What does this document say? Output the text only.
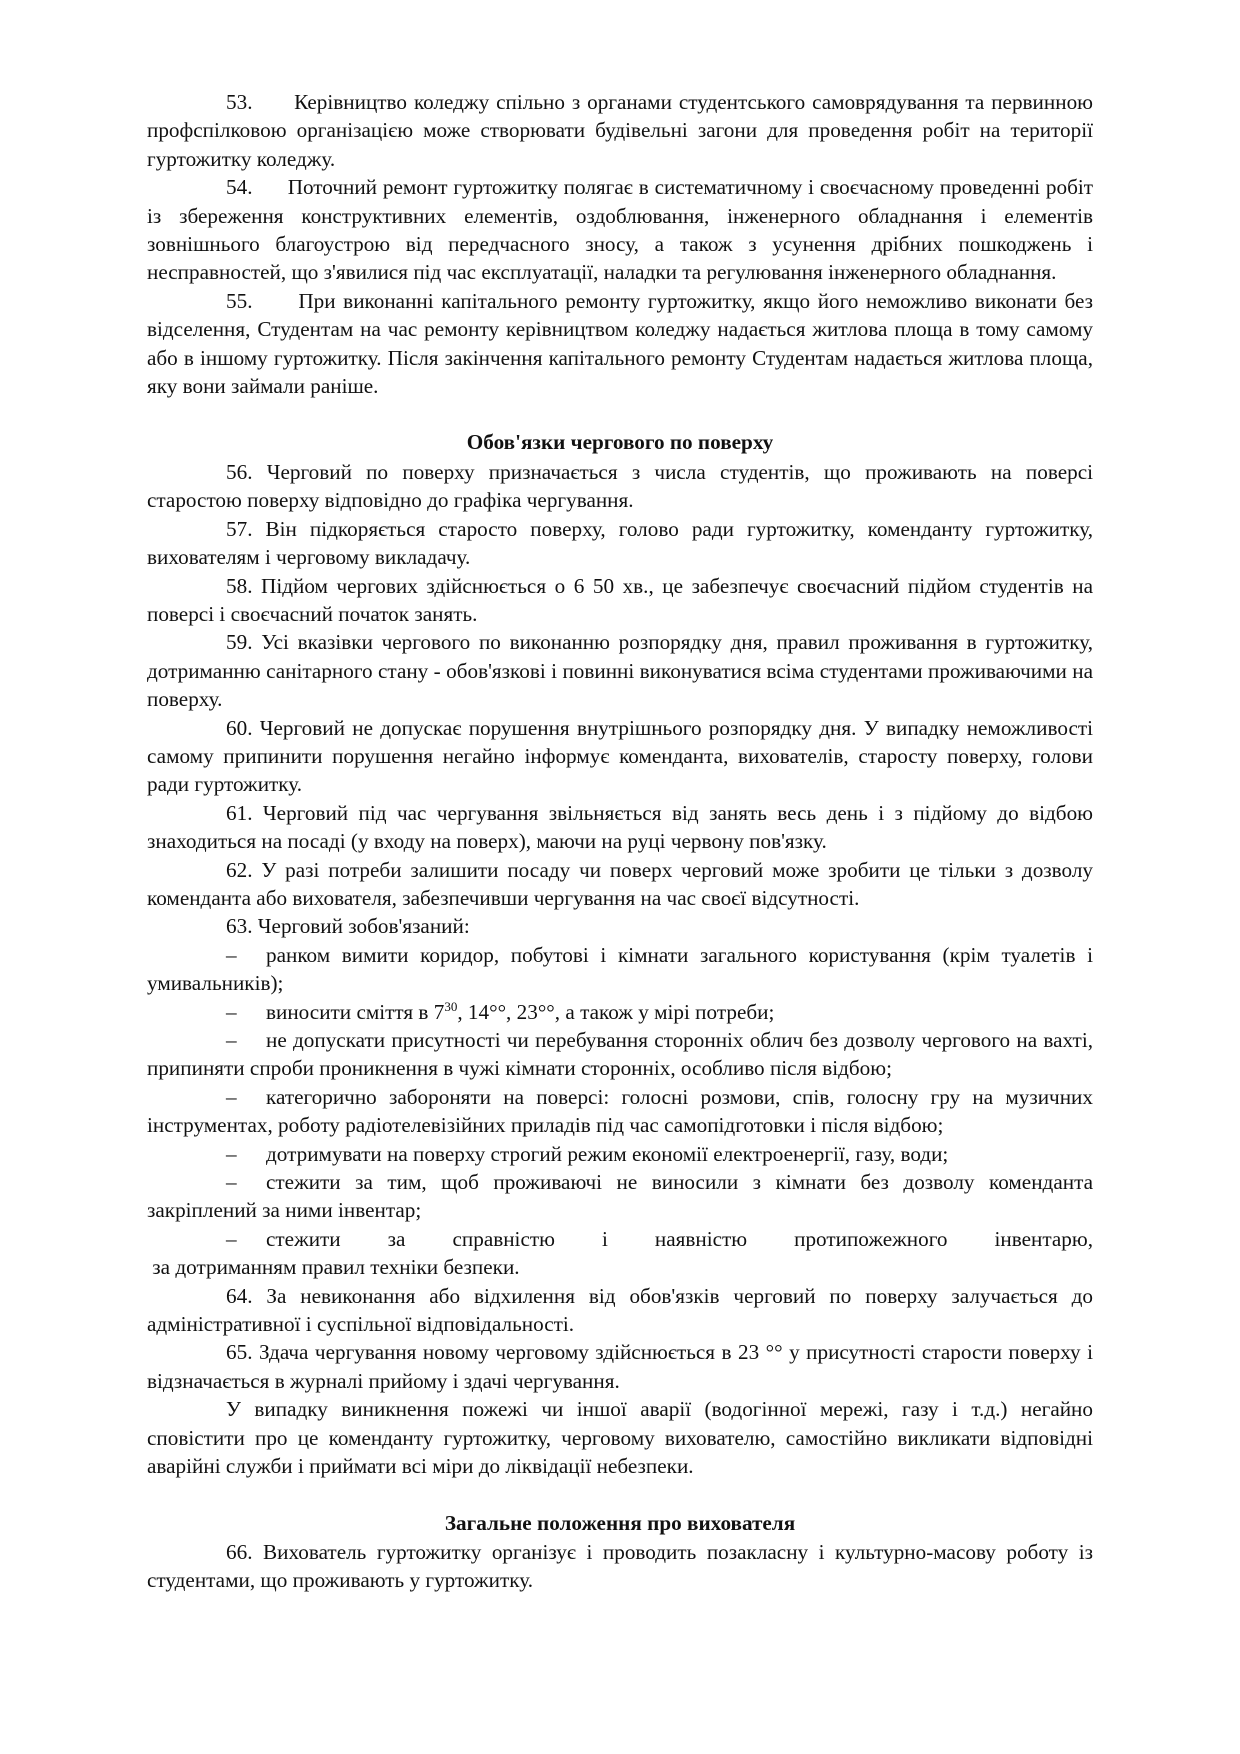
53.      Керівництво коледжу спільно з органами студентського самоврядування та первинною профспілковою організацією може створювати будівельні загони для проведення робіт на території гуртожитку коледжу.

54.      Поточний ремонт гуртожитку полягає в систематичному і своєчасному проведенні робіт із збереження конструктивних елементів, оздоблювання, інженерного обладнання і елементів зовнішнього благоустрою від передчасного зносу, а також з усунення дрібних пошкоджень і несправностей, що з'явилися під час експлуатації, наладки та регулювання інженерного обладнання.

55.      При виконанні капітального ремонту гуртожитку, якщо його неможливо виконати без відселення, Студентам на час ремонту керівництвом коледжу надається житлова площа в тому самому або в іншому гуртожитку. Після закінчення капітального ремонту Студентам надається житлова площа, яку вони займали раніше.

Обов'язки чергового по поверху

56. Черговий по поверху призначається з числа студентів, що проживають на поверсі старостою поверху відповідно до графіка чергування.

57. Він підкоряється старосто поверху, голово ради гуртожитку, коменданту гуртожитку, вихователям і черговому викладачу.

58. Підйом чергових здійснюється о 6 50 хв., це забезпечує своєчасний підйом студентів на поверсі і своєчасний початок занять.

59. Усі вказівки чергового по виконанню розпорядку дня, правил проживання в гуртожитку, дотриманню санітарного стану - обов'язкові і повинні виконуватися всіма студентами проживаючими на поверху.

60. Черговий не допускає порушення внутрішнього розпорядку дня. У випадку неможливості самому припинити порушення негайно інформує коменданта, вихователів, старосту поверху, голови ради гуртожитку.

61. Черговий під час чергування звільняється від занять весь день і з підйому до відбою знаходиться на посаді (у входу на поверх), маючи на руці червону пов'язку.

62. У разі потреби залишити посаду чи поверх черговий може зробити це тільки з дозволу коменданта або вихователя, забезпечивши чергування на час своєї відсутності.

63. Черговий зобов'язаний:

– ранком вимити коридор, побутові і кімнати загального користування (крім туалетів і умивальників);

– виносити сміття в $7^{30}$, 14°°, 23°°, а також у мірі потреби;

– не допускати присутності чи перебування сторонніх облич без дозволу чергового на вахті, припиняти спроби проникнення в чужі кімнати сторонніх, особливо після відбою;

– категорично забороняти на поверсі: голосні розмови, спів, голосну гру на музичних інструментах, роботу радіотелевізійних приладів під час самопідготовки і після відбою;

– дотримувати на поверху строгий режим економії електроенергії, газу, води;

– стежити за тим, щоб проживаючі не виносили з кімнати без дозволу коменданта закріплений за ними інвентар;

– стежити за справністю і наявністю протипожежного інвентарю,

за дотриманням правил техніки безпеки.

64. За невиконання або відхилення від обов'язків черговий по поверху залучається до адміністративної і суспільної відповідальності.

65. Здача чергування новому черговому здійснюється в 23 °° у присутності старости поверху і відзначається в журналі прийому і здачі чергування.

У випадку виникнення пожежі чи іншої аварії (водогінної мережі, газу і т.д.) негайно сповістити про це коменданту гуртожитку, черговому вихователю, самостійно викликати відповідні аварійні служби і приймати всі міри до ліквідації небезпеки.

Загальне положення про вихователя

66. Вихователь гуртожитку організує і проводить позакласну і культурно-масову роботу із студентами, що проживають у гуртожитку.
